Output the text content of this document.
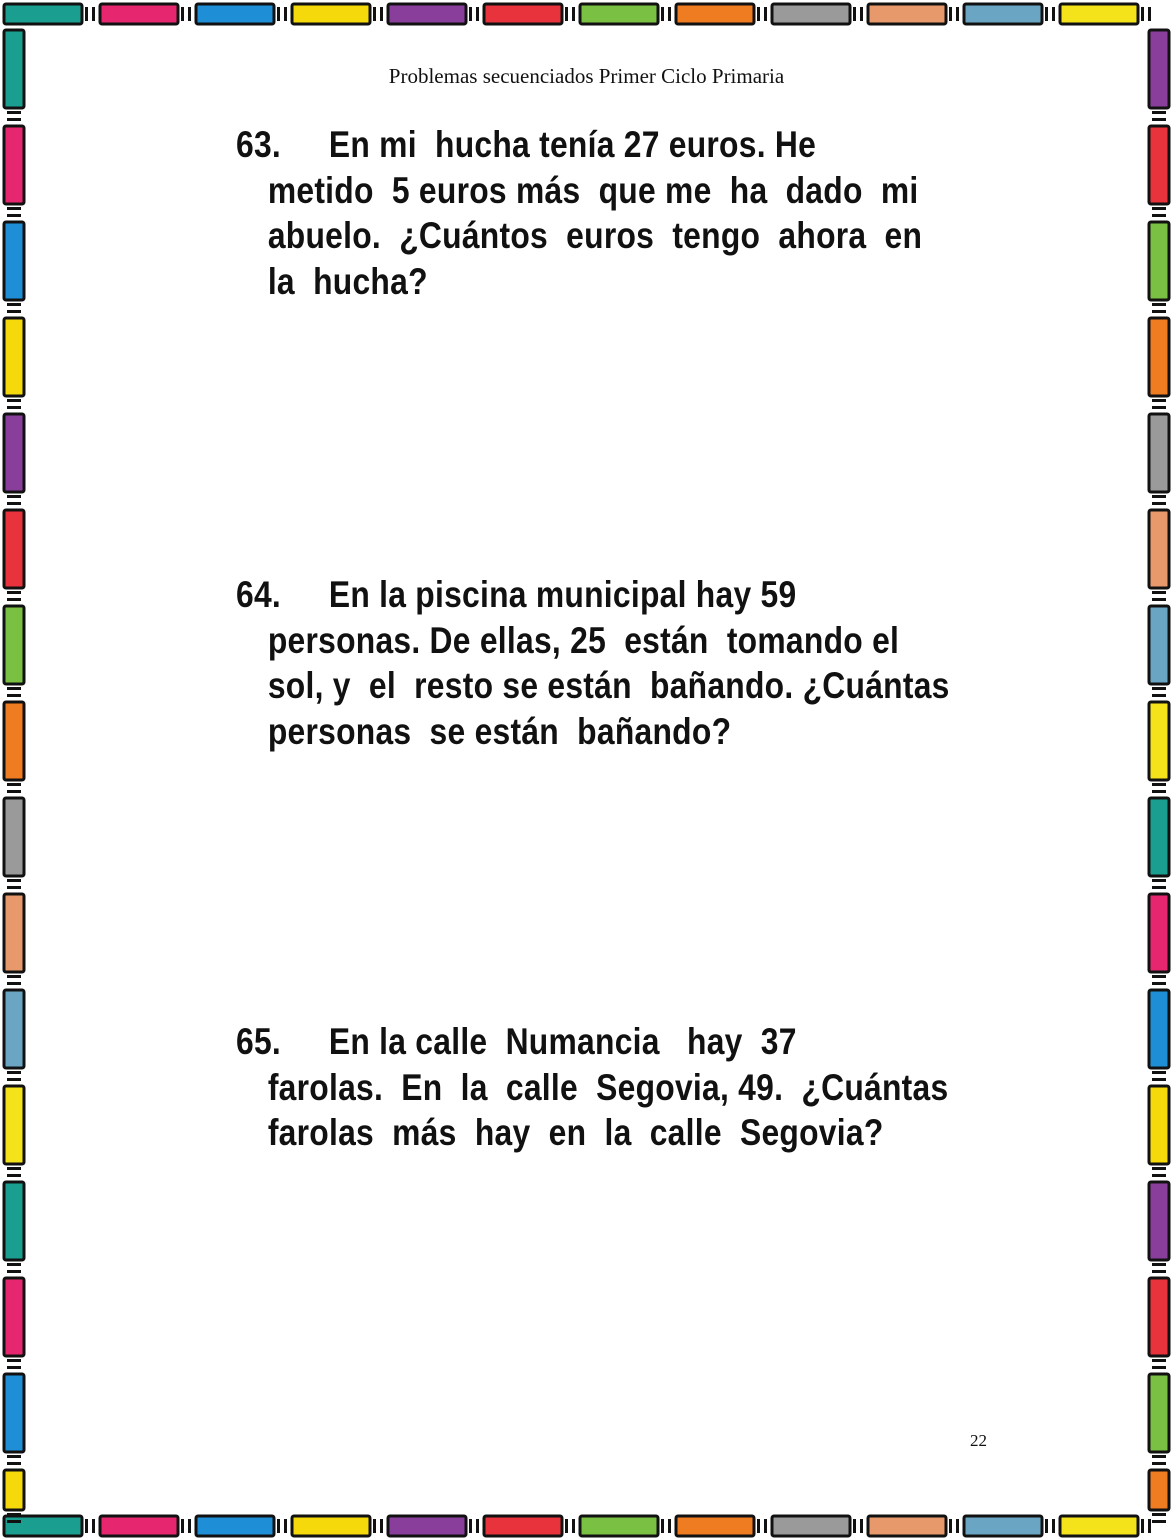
Problemas secuenciados Primer Ciclo Primaria
63. En mi  hucha tenía 27 euros. He
metido  5 euros más  que me  ha  dado  mi
abuelo.  ¿Cuántos  euros  tengo  ahora  en
la  hucha?
64. En la piscina municipal hay 59
personas. De ellas, 25  están  tomando el
sol, y  el  resto se están  bañando. ¿Cuántas
personas  se están  bañando?
65. En la calle  Numancia   hay  37
farolas.  En  la  calle  Segovia, 49.  ¿Cuántas
farolas  más  hay  en  la  calle  Segovia?
22
